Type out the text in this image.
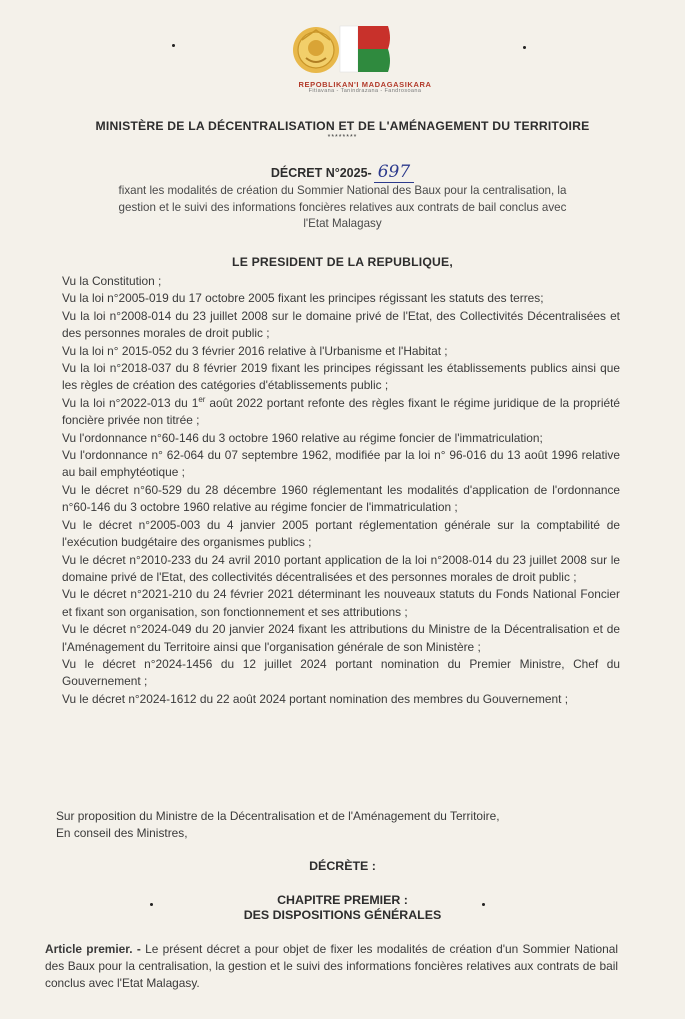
REPOBLIKAN'I MADAGASIKARA
Fitiavana - Tanindrazana - Fandrosoana
MINISTÈRE DE LA DÉCENTRALISATION ET DE L'AMÉNAGEMENT DU TERRITOIRE
********
DÉCRET N°2025- 697
fixant les modalités de création du Sommier National des Baux pour la centralisation, la
gestion et le suivi des informations foncières relatives aux contrats de bail conclus avec
l'Etat Malagasy
LE PRESIDENT DE LA REPUBLIQUE,

Vu la Constitution ;

Vu la loi n°2005-019 du 17 octobre 2005 fixant les principes régissant les statuts des terres;

Vu la loi n°2008-014 du 23 juillet 2008 sur le domaine privé de l'Etat, des Collectivités Décentralisées et des personnes morales de droit public ;

Vu la loi n° 2015-052 du 3 février 2016 relative à l'Urbanisme et l'Habitat ;

Vu la loi n°2018-037 du 8 février 2019 fixant les principes régissant les établissements publics ainsi que les règles de création des catégories d'établissements public ;

Vu la loi n°2022-013 du 1er août 2022 portant refonte des règles fixant le régime juridique de la propriété foncière privée non titrée ;

Vu l'ordonnance n°60-146 du 3 octobre 1960 relative au régime foncier de l'immatriculation;

Vu l'ordonnance n° 62-064 du 07 septembre 1962, modifiée par la loi n° 96-016 du 13 août 1996 relative au bail emphytéotique ;

Vu le décret n°60-529 du 28 décembre 1960 réglementant les modalités d'application de l'ordonnance n°60-146 du 3 octobre 1960 relative au régime foncier de l'immatriculation ;

Vu le décret n°2005-003 du 4 janvier 2005 portant réglementation générale sur la comptabilité de l'exécution budgétaire des organismes publics ;

Vu le décret n°2010-233 du 24 avril 2010 portant application de la loi n°2008-014 du 23 juillet 2008 sur le domaine privé de l'Etat, des collectivités décentralisées et des personnes morales de droit public ;

Vu le décret n°2021-210 du 24 février 2021 déterminant les nouveaux statuts du Fonds National Foncier et fixant son organisation, son fonctionnement et ses attributions ;

Vu le décret n°2024-049 du 20 janvier 2024 fixant les attributions du Ministre de la Décentralisation et de l'Aménagement du Territoire ainsi que l'organisation générale de son Ministère ;

Vu le décret n°2024-1456 du 12 juillet 2024 portant nomination du Premier Ministre, Chef du Gouvernement ;

Vu le décret n°2024-1612 du 22 août 2024 portant nomination des membres du Gouvernement ;

Sur proposition du Ministre de la Décentralisation et de l'Aménagement du Territoire,

En conseil des Ministres,

DÉCRÈTE :
CHAPITRE PREMIER :
DES DISPOSITIONS GÉNÉRALES
Article premier. - Le présent décret a pour objet de fixer les modalités de création d'un Sommier National des Baux pour la centralisation, la gestion et le suivi des informations foncières relatives aux contrats de bail conclus avec l'Etat Malagasy.
